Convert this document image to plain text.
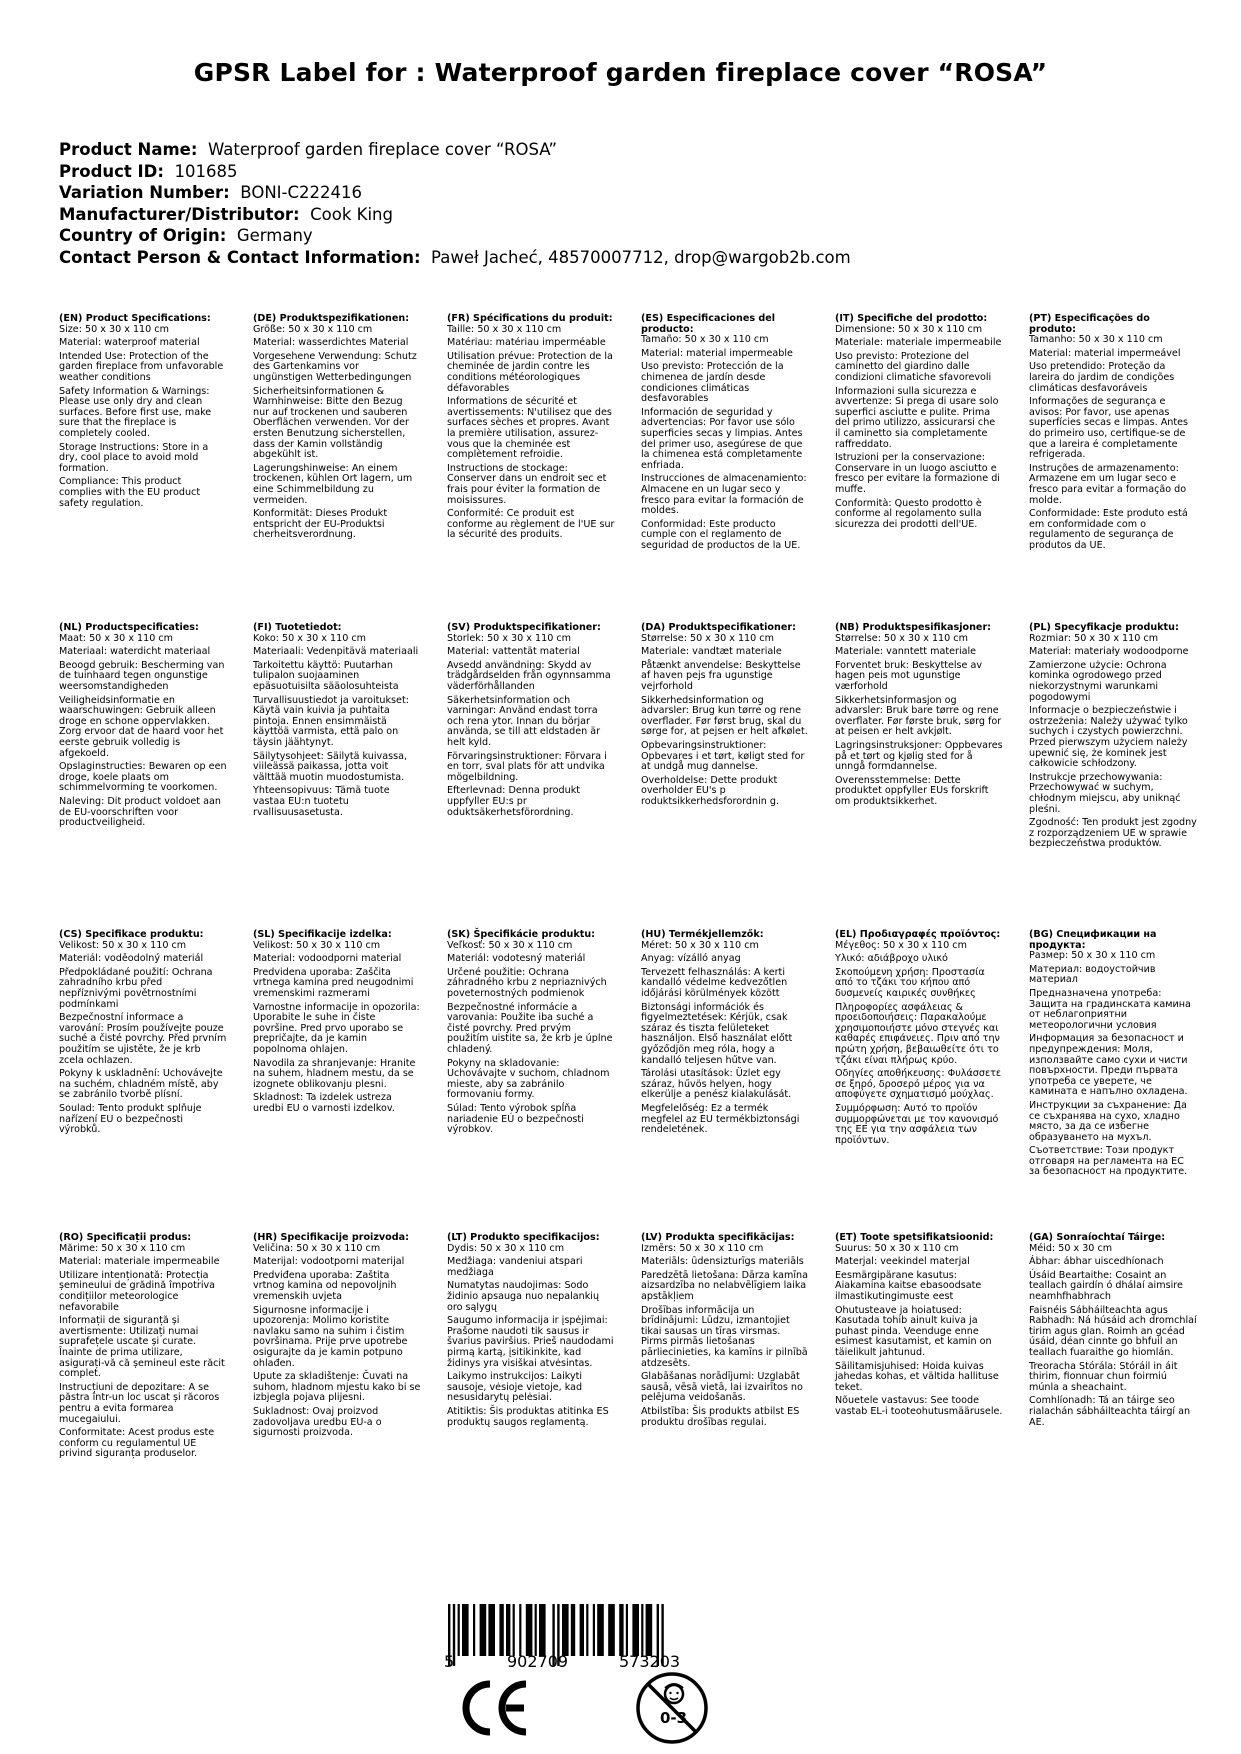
GPSR Label for : Waterproof garden fireplace cover “ROSA”
Product Name: Waterproof garden fireplace cover “ROSA”
Product ID: 101685
Variation Number: BONI-C222416
Manufacturer/Distributor: Cook King
Country of Origin: Germany
Contact Person & Contact Information: Paweł Jacheć, 48570007712, drop@wargob2b.com
(EN) Product Specifications:

Size: 50 x 30 x 110 cm

Material: waterproof material

Intended Use: Protection of the garden fireplace from unfavorable weather conditions

Safety Information & Warnings: Please use only dry and clean surfaces. Before first use, make sure that the fireplace is completely cooled.

Storage Instructions: Store in a dry, cool place to avoid mold formation.

Compliance: This product complies with the EU product safety regulation.

(DE) Produktspezifikationen:

Größe: 50 x 30 x 110 cm

Material: wasserdichtes Material

Vorgesehene Verwendung: Schutz des Gartenkamins vor ungünstigen Wetterbedingungen

Sicherheitsinformationen & Warnhinweise: Bitte den Bezug nur auf trockenen und sauberen Oberflächen verwenden. Vor der ersten Benutzung sicherstellen, dass der Kamin vollständig abgekühlt ist.

Lagerungshinweise: An einem trockenen, kühlen Ort lagern, um eine Schimmelbildung zu vermeiden.

Konformität: Dieses Produkt entspricht der EU-Produktsi cherheitsverordnung.

(FR) Spécifications du produit:

Taille: 50 x 30 x 110 cm

Matériau: matériau imperméable

Utilisation prévue: Protection de la cheminée de jardin contre les conditions météorologiques défavorables

Informations de sécurité et avertissements: N'utilisez que des surfaces sèches et propres. Avant la première utilisation, assurez-vous que la cheminée est complètement refroidie.

Instructions de stockage: Conserver dans un endroit sec et frais pour éviter la formation de moisissures.

Conformité: Ce produit est conforme au règlement de l'UE sur la sécurité des produits.

(ES) Especificaciones del producto:

Tamaño: 50 x 30 x 110 cm

Material: material impermeable

Uso previsto: Protección de la chimenea de jardín desde condiciones climáticas desfavorables

Información de seguridad y advertencias: Por favor use sólo superficies secas y limpias. Antes del primer uso, asegúrese de que la chimenea está completamente enfriada.

Instrucciones de almacenamiento: Almacene en un lugar seco y fresco para evitar la formación de moldes.

Conformidad: Este producto cumple con el reglamento de seguridad de productos de la UE.

(IT) Specifiche del prodotto:

Dimensione: 50 x 30 x 110 cm

Materiale: materiale impermeabile

Uso previsto: Protezione del caminetto del giardino dalle condizioni climatiche sfavorevoli

Informazioni sulla sicurezza e avvertenze: Si prega di usare solo superfici asciutte e pulite. Prima del primo utilizzo, assicurarsi che il caminetto sia completamente raffreddato.

Istruzioni per la conservazione: Conservare in un luogo asciutto e fresco per evitare la formazione di muffe.

Conformità: Questo prodotto è conforme al regolamento sulla sicurezza dei prodotti dell'UE.

(PT) Especificações do produto:

Tamanho: 50 x 30 x 110 cm

Material: material impermeável

Uso pretendido: Proteção da lareira do jardim de condições climáticas desfavoráveis

Informações de segurança e avisos: Por favor, use apenas superfícies secas e limpas. Antes do primeiro uso, certifique-se de que a lareira é completamente refrigerada.

Instruções de armazenamento: Armazene em um lugar seco e fresco para evitar a formação do molde.

Conformidade: Este produto está em conformidade com o regulamento de segurança de produtos da UE.

(NL) Productspecificaties:

Maat: 50 x 30 x 110 cm

Materiaal: waterdicht materiaal

Beoogd gebruik: Bescherming van de tuinhaard tegen ongunstige weersomstandigheden

Veiligheidsinformatie en waarschuwingen: Gebruik alleen droge en schone oppervlakken. Zorg ervoor dat de haard voor het eerste gebruik volledig is afgekoeld.

Opslaginstructies: Bewaren op een droge, koele plaats om schimmelvorming te voorkomen.

Naleving: Dit product voldoet aan de EU-voorschriften voor productveiligheid.

(FI) Tuotetiedot:

Koko: 50 x 30 x 110 cm

Materiaali: Vedenpitävä materiaali

Tarkoitettu käyttö: Puutarhan tulipalon suojaaminen epäsuotuisilta sääolosuhteista

Turvallisuustiedot ja varoitukset: Käytä vain kuivia ja puhtaita pintoja. Ennen ensimmäistä käyttöä varmista, että palo on täysin jäähtynyt.

Säilytysohjeet: Säilytä kuivassa, viileässä paikassa, jotta voit välttää muotin muodostumista.

Yhteensopivuus: Tämä tuote vastaa EU:n tuotetu rvallisuusasetusta.

(SV) Produktspecifikationer:

Storlek: 50 x 30 x 110 cm

Material: vattentät material

Avsedd användning: Skydd av trädgårdselden från ogynnsamma väderförhållanden

Säkerhetsinformation och varningar: Använd endast torra och rena ytor. Innan du börjar använda, se till att eldstaden är helt kyld.

Förvaringsinstruktioner: Förvara i en torr, sval plats för att undvika mögelbildning.

Efterlevnad: Denna produkt uppfyller EU:s pr oduktsäkerhetsförordning.

(DA) Produktspecifikationer:

Størrelse: 50 x 30 x 110 cm

Materiale: vandtæt materiale

Påtænkt anvendelse: Beskyttelse af haven pejs fra ugunstige vejrforhold

Sikkerhedsinformation og advarsler: Brug kun tørre og rene overflader. Før først brug, skal du sørge for, at pejsen er helt afkølet.

Opbevaringsinstruktioner: Opbevares i et tørt, køligt sted for at undgå mug dannelse.

Overholdelse: Dette produkt overholder EU's p roduktsikkerhedsforordnin g.

(NB) Produktspesifikasjoner:

Størrelse: 50 x 30 x 110 cm

Materiale: vanntett materiale

Forventet bruk: Beskyttelse av hagen peis mot ugunstige værforhold

Sikkerhetsinformasjon og advarsler: Bruk bare tørre og rene overflater. Før første bruk, sørg for at peisen er helt avkjølt.

Lagringsinstruksjoner: Oppbevares på et tørt og kjølig sted for å unngå formdannelse.

Overensstemmelse: Dette produktet oppfyller EUs forskrift om produktsikkerhet.

(PL) Specyfikacje produktu:

Rozmiar: 50 x 30 x 110 cm

Materiał: materiały wodoodporne

Zamierzone użycie: Ochrona kominka ogrodowego przed niekorzystnymi warunkami pogodowymi

Informacje o bezpieczeństwie i ostrzeżenia: Należy używać tylko suchych i czystych powierzchni. Przed pierwszym użyciem należy upewnić się, że kominek jest całkowicie schłodzony.

Instrukcje przechowywania: Przechowywać w suchym, chłodnym miejscu, aby uniknąć pleśni.

Zgodność: Ten produkt jest zgodny z rozporządzeniem UE w sprawie bezpieczeństwa produktów.

(CS) Specifikace produktu:

Velikost: 50 x 30 x 110 cm

Materiál: voděodolný materiál

Předpokládané použití: Ochrana zahradního krbu před nepříznivými povětrnostními podmínkami

Bezpečnostní informace a varování: Prosím používejte pouze suché a čisté povrchy. Před prvním použitím se ujistěte, že je krb zcela ochlazen.

Pokyny k uskladnění: Uchovávejte na suchém, chladném místě, aby se zabránilo tvorbě plísní.

Soulad: Tento produkt splňuje nařízení EU o bezpečnosti výrobků.

(SL) Specifikacije izdelka:

Velikost: 50 x 30 x 110 cm

Material: vodoodporni material

Predvidena uporaba: Zaščita vrtnega kamina pred neugodnimi vremenskimi razmerami

Varnostne informacije in opozorila: Uporabite le suhe in čiste površine. Pred prvo uporabo se prepričajte, da je kamin popolnoma ohlajen.

Navodila za shranjevanje: Hranite na suhem, hladnem mestu, da se izognete oblikovanju plesni.

Skladnost: Ta izdelek ustreza uredbi EU o varnosti izdelkov.

(SK) Špecifikácie produktu:

Veľkosť: 50 x 30 x 110 cm

Materiál: vodotesný materiál

Určené použitie: Ochrana záhradného krbu z nepriaznivých poveternostných podmienok

Bezpečnostné informácie a varovania: Použite iba suché a čisté povrchy. Pred prvým použitím uistite sa, že krb je úplne chladený.

Pokyny na skladovanie: Uchovávajte v suchom, chladnom mieste, aby sa zabránilo formovaniu formy.

Súlad: Tento výrobok spĺňa nariadenie EÚ o bezpečnosti výrobkov.

(HU) Termékjellemzők:

Méret: 50 x 30 x 110 cm

Anyag: vízálló anyag

Tervezett felhasználás: A kerti kandalló védelme kedvezőtlen időjárási körülmények között

Biztonsági információk és figyelmeztetések: Kérjük, csak száraz és tiszta felületeket használjon. Első használat előtt győződjön meg róla, hogy a kandalló teljesen hűtve van.

Tárolási utasítások: Üzlet egy száraz, hűvös helyen, hogy elkerülje a penész kialakulását.

Megfelelőség: Ez a termék megfelel az EU termékbiztonsági rendeletének.

(EL) Προδιαγραφές προϊόντος:

Μέγεθος: 50 x 30 x 110 cm

Υλικό: αδιάβροχο υλικό

Σκοπούμενη χρήση: Προστασία από το τζάκι του κήπου από δυσμενείς καιρικές συνθήκες

Πληροφορίες ασφάλειας & προειδοποιήσεις: Παρακαλούμε χρησιμοποιήστε μόνο στεγνές και καθαρές επιφάνειες. Πριν από την πρώτη χρήση, βεβαιωθείτε ότι το τζάκι είναι πλήρως κρύο.

Οδηγίες αποθήκευσης: Φυλάσσετε σε ξηρό, δροσερό μέρος για να αποφύγετε σχηματισμό μούχλας.

Συμμόρφωση: Αυτό το προϊόν συμμορφώνεται με τον κανονισμό της ΕΕ για την ασφάλεια των προϊόντων.

(BG) Спецификации на продукта:

Размер: 50 x 30 x 110 cm

Материал: водоустойчив материал

Предназначена употреба: Защита на градинската камина от неблагоприятни метеорологични условия

Информация за безопасност и предупреждения: Моля, използвайте само сухи и чисти повърхности. Преди първата употреба се уверете, че камината е напълно охладена.

Инструкции за съхранение: Да се съхранява на сухо, хладно място, за да се избегне образуването на мухъл.

Съответствие: Този продукт отговаря на регламента на ЕС за безопасност на продуктите.

(RO) Specificații produs:

Mărime: 50 x 30 x 110 cm

Material: materiale impermeabile

Utilizare intenționată: Protecția șemineului de grădină împotriva condițiilor meteorologice nefavorabile

Informații de siguranță și avertismente: Utilizați numai suprafețele uscate și curate. Înainte de prima utilizare, asigurați-vă că șemineul este răcit complet.

Instrucțiuni de depozitare: A se păstra într-un loc uscat și răcoros pentru a evita formarea mucegaiului.

Conformitate: Acest produs este conform cu regulamentul UE privind siguranța produselor.

(HR) Specifikacije proizvoda:

Veličina: 50 x 30 x 110 cm

Materijal: vodootporni materijal

Predviđena uporaba: Zaštita vrtnog kamina od nepovoljnih vremenskih uvjeta

Sigurnosne informacije i upozorenja: Molimo koristite navlaku samo na suhim i čistim površinama. Prije prve upotrebe osigurajte da je kamin potpuno ohlađen.

Upute za skladištenje: Čuvati na suhom, hladnom mjestu kako bi se izbjegla pojava plijesni.

Sukladnost: Ovaj proizvod zadovoljava uredbu EU-a o sigurnosti proizvoda.

(LT) Produkto specifikacijos:

Dydis: 50 x 30 x 110 cm

Medžiaga: vandeniui atspari medžiaga

Numatytas naudojimas: Sodo židinio apsauga nuo nepalankių oro sąlygų

Saugumo informacija ir įspėjimai: Prašome naudoti tik sausus ir švarius paviršius. Prieš naudodami pirmą kartą, įsitikinkite, kad židinys yra visiškai atvėsintas.

Laikymo instrukcijos: Laikyti sausoje, vėsioje vietoje, kad nesusidarytų pelėsiai.

Atitiktis: Šis produktas atitinka ES produktų saugos reglamentą.

(LV) Produkta specifikācijas:

Izmērs: 50 x 30 x 110 cm

Materiāls: ūdensizturīgs materiāls

Paredzētā lietošana: Dārza kamīna aizsardzība no nelabvēlīgiem laika apstākļiem

Drošības informācija un brīdinājumi: Lūdzu, izmantojiet tikai sausas un tīras virsmas. Pirms pirmās lietošanas pārliecinieties, ka kamīns ir pilnībā atdzesēts.

Glabāšanas norādījumi: Uzglabāt sausā, vēsā vietā, lai izvairītos no pelējuma veidošanās.

Atbilstība: Šis produkts atbilst ES produktu drošības regulai.

(ET) Toote spetsifikatsioonid:

Suurus: 50 x 30 x 110 cm

Materjal: veekindel materjal

Eesmärgipärane kasutus: Aiakamina kaitse ebasoodsate ilmastikutingimuste eest

Ohutusteave ja hoiatused: Kasutada tohib ainult kuiva ja puhast pinda. Veenduge enne esimest kasutamist, et kamin on täielikult jahtunud.

Säilitamisjuhised: Hoida kuivas jahedas kohas, et vältida hallituse teket.

Nõuetele vastavus: See toode vastab EL-i tooteohutusmäärusele.

(GA) Sonraíochtaí Táirge:

Méid: 50 x 30 cm

Ábhar: ábhar uiscedhíonach

Úsáid Beartaithe: Cosaint an teallach gairdín ó dhálaí aimsire neamhfhabhrach

Faisnéis Sábháilteachta agus Rabhadh: Ná húsáid ach dromchlaí tirim agus glan. Roimh an gcéad úsáid, déan cinnte go bhfuil an teallach fuaraithe go hiomlán.

Treoracha Stórála: Stóráil in áit thirim, fionnuar chun foirmiú múnla a sheachaint.

Comhlíonadh: Tá an táirge seo rialachán sábháilteachta táirgí an AE.

5	902709	573203
0-3
